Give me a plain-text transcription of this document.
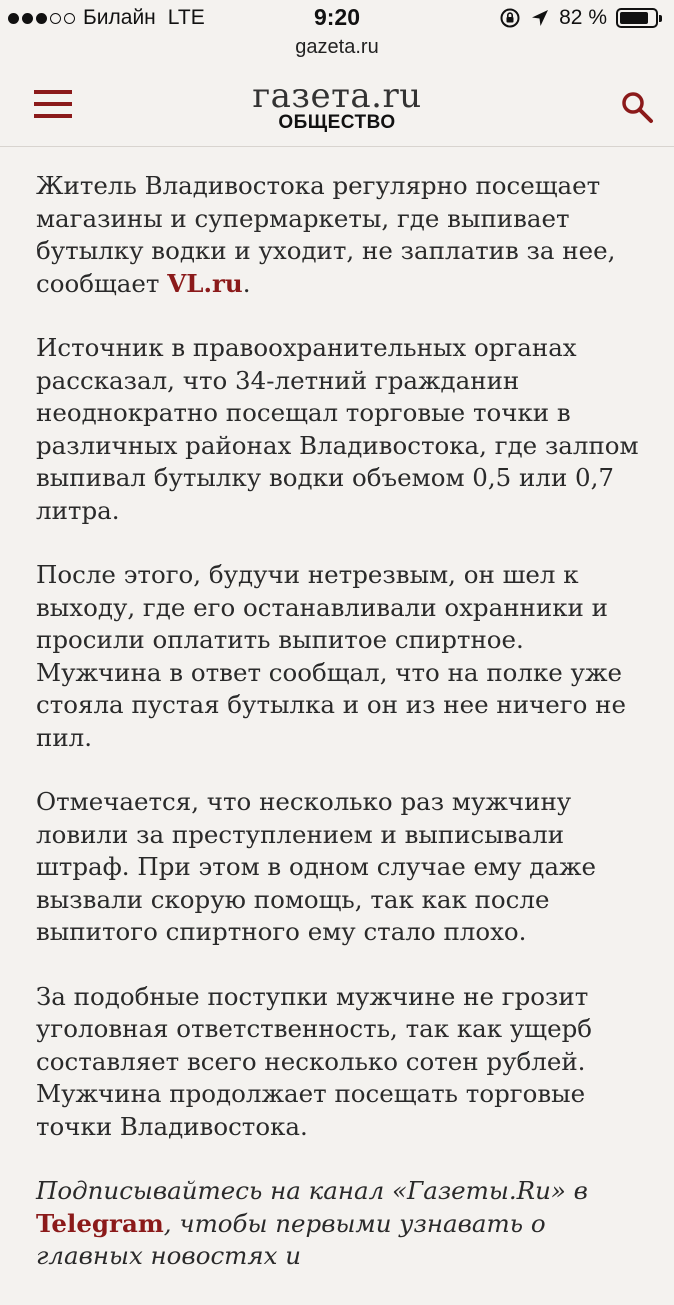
Билайн LTE	9:20	82 %
gazeta.ru
газета.ru
ОБЩЕСТВО

Житель Владивостока регулярно посещает магазины и супермаркеты, где выпивает бутылку водки и уходит, не заплатив за нее, сообщает VL.ru.

Источник в правоохранительных органах рассказал, что 34-летний гражданин неоднократно посещал торговые точки в различных районах Владивостока, где залпом выпивал бутылку водки объемом 0,5 или 0,7 литра.

После этого, будучи нетрезвым, он шел к выходу, где его останавливали охранники и просили оплатить выпитое спиртное. Мужчина в ответ сообщал, что на полке уже стояла пустая бутылка и он из нее ничего не пил.

Отмечается, что несколько раз мужчину ловили за преступлением и выписывали штраф. При этом в одном случае ему даже вызвали скорую помощь, так как после выпитого спиртного ему стало плохо.

За подобные поступки мужчине не грозит уголовная ответственность, так как ущерб составляет всего несколько сотен рублей. Мужчина продолжает посещать торговые точки Владивостока.

Подписывайтесь на канал «Газеты.Ru» в Telegram, чтобы первыми узнавать о главных новостях и
